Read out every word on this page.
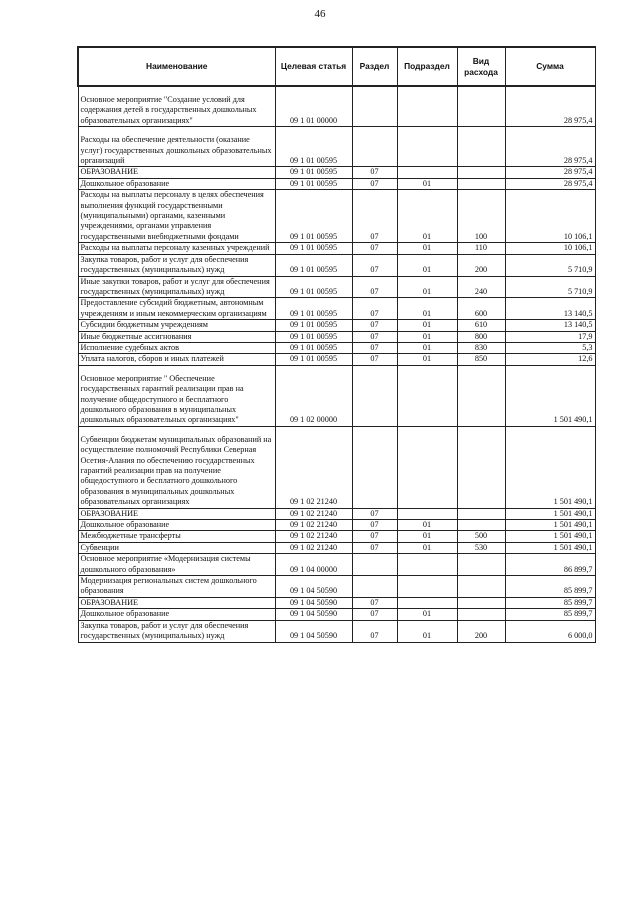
46
Наименование	Целевая статья	Раздел	Подраздел	Вид расхода	Сумма
Основное мероприятие "Создание условий для содержания детей в государственных дошкольных образовательных организациях"	09 1 01 00000				28 975,4
Расходы на обеспечение деятельности (оказание услуг) государственных дошкольных образовательных организаций	09 1 01 00595				28 975,4
ОБРАЗОВАНИЕ	09 1 01 00595	07			28 975,4
Дошкольное образование	09 1 01 00595	07	01		28 975,4
Расходы на выплаты персоналу в целях обеспечения выполнения функций государственными (муниципальными) органами, казенными учреждениями, органами управления государственными внебюджетными фондами	09 1 01 00595	07	01	100	10 106,1
Расходы на выплаты персоналу казенных учреждений	09 1 01 00595	07	01	110	10 106,1
Закупка товаров, работ и услуг для обеспечения государственных (муниципальных) нужд	09 1 01 00595	07	01	200	5 710,9
Иные закупки товаров, работ и услуг для обеспечения государственных (муниципальных) нужд	09 1 01 00595	07	01	240	5 710,9
Предоставление субсидий бюджетным, автономным учреждениям и иным некоммерческим организациям	09 1 01 00595	07	01	600	13 140,5
Субсидии бюджетным учреждениям	09 1 01 00595	07	01	610	13 140,5
Иные бюджетные ассигнования	09 1 01 00595	07	01	800	17,9
Исполнение судебных актов	09 1 01 00595	07	01	830	5,3
Уплата налогов, сборов и иных платежей	09 1 01 00595	07	01	850	12,6
Основное мероприятие " Обеспечение государственных гарантий реализации прав на получение общедоступного и бесплатного дошкольного образования в муниципальных дошкольных образовательных организациях"	09 1 02 00000				1 501 490,1
Субвенции бюджетам муниципальных образований на осуществление полномочий Республики Северная Осетия-Алания по обеспечению государственных гарантий реализации прав на получение общедоступного и бесплатного дошкольного образования в муниципальных дошкольных образовательных организациях	09 1 02 21240				1 501 490,1
ОБРАЗОВАНИЕ	09 1 02 21240	07			1 501 490,1
Дошкольное образование	09 1 02 21240	07	01		1 501 490,1
Межбюджетные трансферты	09 1 02 21240	07	01	500	1 501 490,1
Субвенции	09 1 02 21240	07	01	530	1 501 490,1
Основное мероприятие «Модернизация системы дошкольного образования»	09 1 04 00000				86 899,7
Модернизация региональных систем дошкольного образования	09 1 04 50590				85 899,7
ОБРАЗОВАНИЕ	09 1 04 50590	07			85 899,7
Дошкольное образование	09 1 04 50590	07	01		85 899,7
Закупка товаров, работ и услуг для обеспечения государственных (муниципальных) нужд	09 1 04 50590	07	01	200	6 000,0
